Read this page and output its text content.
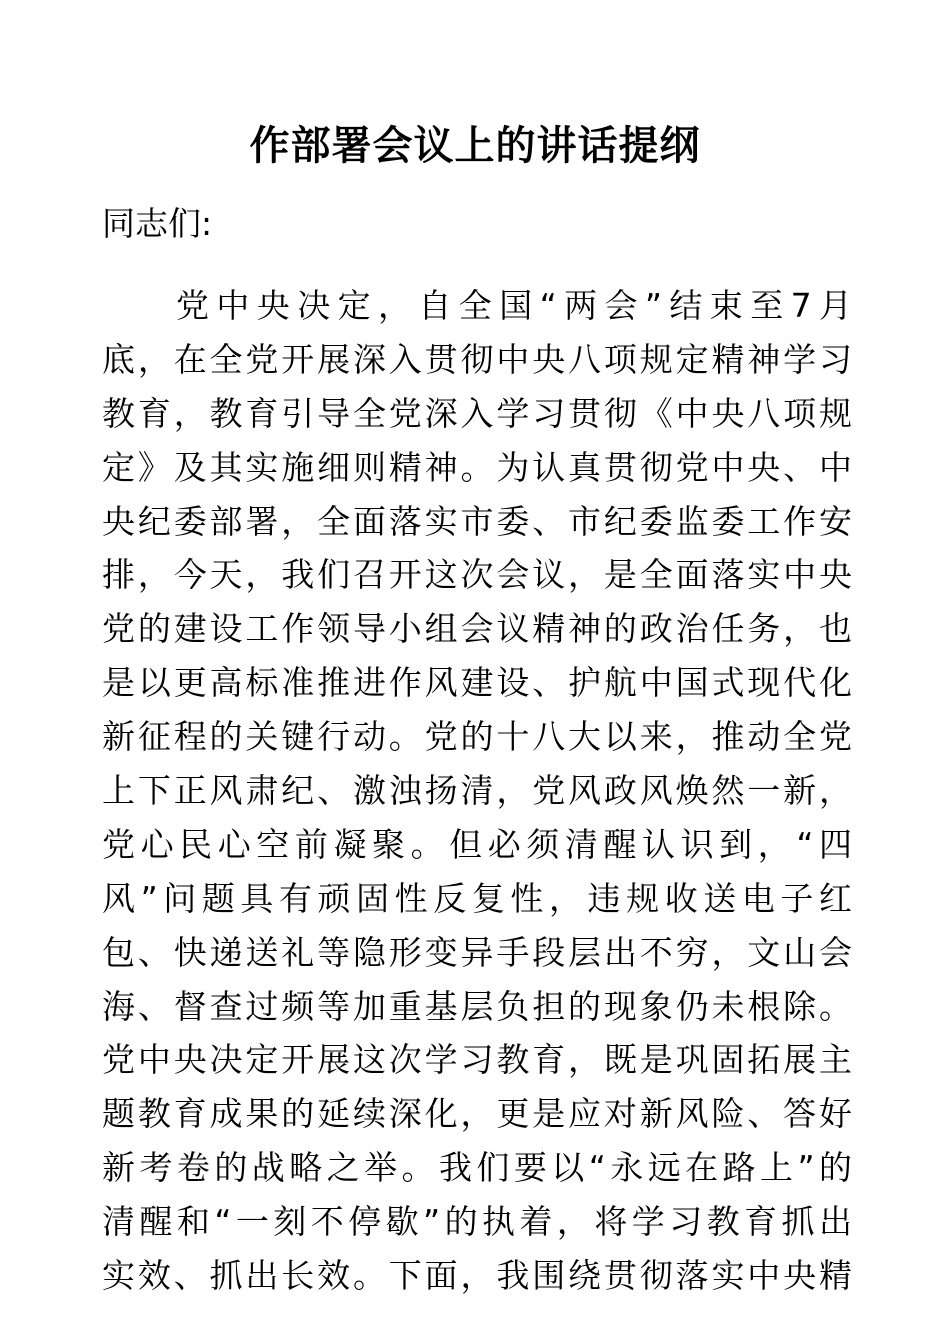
作部署会议上的讲话提纲
同志们:
党中央决定，自全国“两会”结束至7月
底，在全党开展深入贯彻中央八项规定精神学习
教育，教育引导全党深入学习贯彻《中央八项规
定》及其实施细则精神。为认真贯彻党中央、中
央纪委部署，全面落实市委、市纪委监委工作安
排，今天，我们召开这次会议，是全面落实中央
党的建设工作领导小组会议精神的政治任务，也
是以更高标准推进作风建设、护航中国式现代化
新征程的关键行动。党的十八大以来，推动全党
上下正风肃纪、激浊扬清，党风政风焕然一新，
党心民心空前凝聚。但必须清醒认识到，“四
风”问题具有顽固性反复性，违规收送电子红
包、快递送礼等隐形变异手段层出不穷，文山会
海、督查过频等加重基层负担的现象仍未根除。
党中央决定开展这次学习教育，既是巩固拓展主
题教育成果的延续深化，更是应对新风险、答好
新考卷的战略之举。我们要以“永远在路上”的
清醒和“一刻不停歇”的执着，将学习教育抓出
实效、抓出长效。下面，我围绕贯彻落实中央精
